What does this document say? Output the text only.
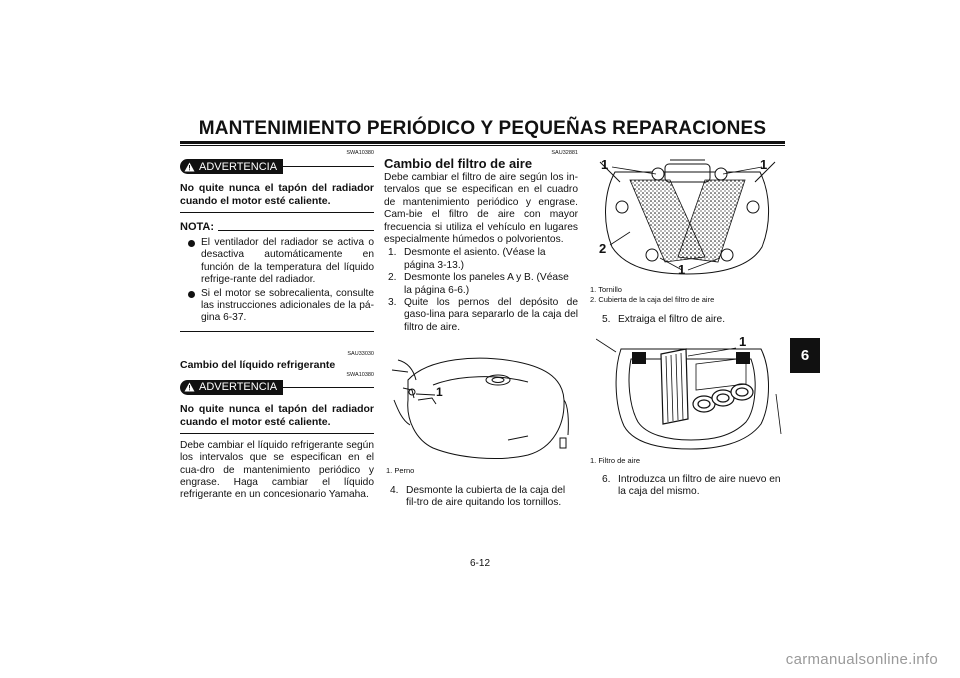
MANTENIMIENTO PERIÓDICO Y PEQUEÑAS REPARACIONES
6
SWA10380
ADVERTENCIA
No quite nunca el tapón del radiador cuando el motor esté caliente.
NOTA:
El ventilador del radiador se activa o desactiva automáticamente en función de la temperatura del líquido refrige-rante del radiador.
Si el motor se sobrecalienta, consulte las instrucciones adicionales de la pá-gina 6-37.
SAU33030
Cambio del líquido refrigerante
SWA10380
ADVERTENCIA
No quite nunca el tapón del radiador cuando el motor esté caliente.
Debe cambiar el líquido refrigerante según los intervalos que se especifican en el cua-dro de mantenimiento periódico y engrase. Haga cambiar el líquido refrigerante en un concesionario Yamaha.
SAU32881
Cambio del filtro de aire
Debe cambiar el filtro de aire según los in-tervalos que se especifican en el cuadro de mantenimiento periódico y engrase. Cam-bie el filtro de aire con mayor frecuencia si utiliza el vehículo en lugares especialmente húmedos o polvorientos.
1. Desmonte el asiento. (Véase la página 3-13.)
2. Desmonte los paneles A y B. (Véase la página 6-6.)
3. Quite los pernos del depósito de gaso-lina para separarlo de la caja del filtro de aire.
1
1. Perno
4. Desmonte la cubierta de la caja del fil-tro de aire quitando los tornillos.
1	1
2
1
1. Tornillo
2. Cubierta de la caja del filtro de aire
5. Extraiga el filtro de aire.
1
1. Filtro de aire
6. Introduzca un filtro de aire nuevo en la caja del mismo.
6-12
carmanualsonline.info
